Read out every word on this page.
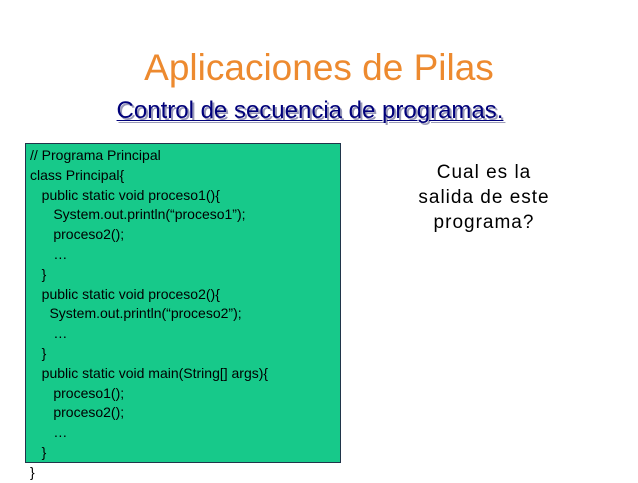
Aplicaciones de Pilas
Control de secuencia de programas.
// Programa Principal
class Principal{
public static void proceso1(){
System.out.println(“proceso1”);
proceso2();
…
}
public static void proceso2(){
System.out.println(“proceso2”);
…
}
public static void main(String[] args){
proceso1();
proceso2();
…
}
}
Cual es la
salida de este
programa?
